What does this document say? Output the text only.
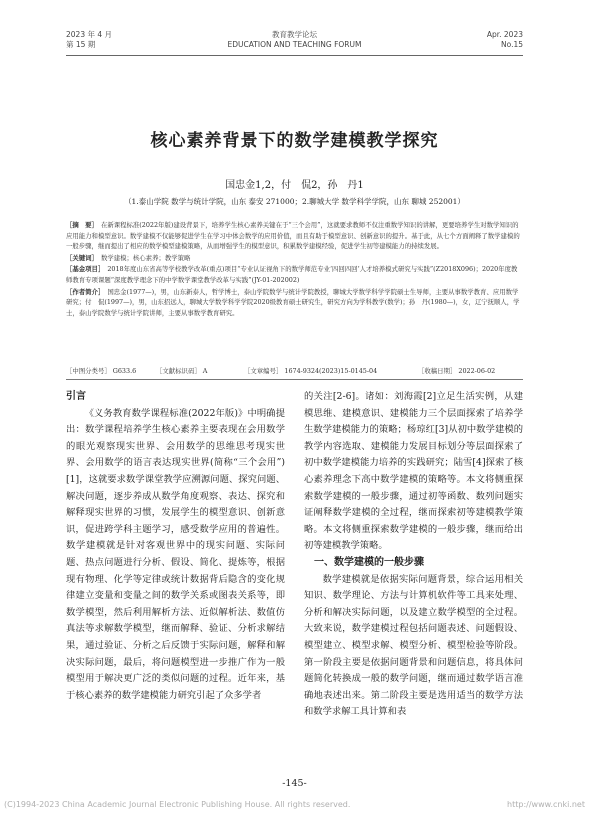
2023 年 4 月
第 15 期
教育教学论坛
EDUCATION AND TEACHING FORUM
Apr. 2023
No.15
核心素养背景下的数学建模教学探究
国忠金1,2，付　侃2，孙　丹1
（1.泰山学院 数学与统计学院，山东 泰安 271000；2.聊城大学 数学科学学院，山东 聊城 252001）
［摘　要］ 在新课程标准(2022年版)建设背景下，培养学生核心素养关键在于“三个会用”，这就要求教师不仅注重数学知识的讲解，更要培养学生对数学知识的应用能力和模型意识。数学建模不仅能够促进学生在学习中体会数学的应用价值，而且有助于模型意识、创新意识的提升。基于此，从七个方面阐释了数学建模的一般步骤，继而提出了相应的数学模型建模策略，从而增强学生的模型意识，积累数学建模经验，促进学生初等建模能力的持续发展。
［关键词］ 数学建模；核心素养；教学策略
［基金项目］ 2018年度山东省高等学校教学改革(重点)项目“专业认证视角下的数学师范专业‘四回四回’人才培养模式研究与实践”(Z2018X096)；2020年度教师教育专项课题“深度教学理念下的中学数学课堂教学改革与实践”(JY-01-202002)
［作者简介］ 国忠金(1977—)，男，山东新泰人，哲学博士，泰山学院数学与统计学院教授，聊城大学数学科学学院硕士生导师，主要从事数学教育、应用数学研究；付　侃(1997—)，男，山东招远人，聊城大学数学科学学院2020级教育硕士研究生，研究方向为学科教学(数学)；孙　丹(1980—)，女，辽宁抚顺人，学士，泰山学院数学与统计学院讲师，主要从事数学教育研究。
［中图分类号］ G633.6	［文献标识码］ A	［文章编号］ 1674-9324(2023)15-0145-04	［收稿日期］ 2022-06-02
引言

《义务教育数学课程标准(2022年版)》中明确提出：数学课程培养学生核心素养主要表现在会用数学的眼光观察现实世界、会用数学的思维思考现实世界、会用数学的语言表达现实世界(简称“三个会用”)[1]，这就要求数学课堂教学应溯源问题、探究问题、解决问题，逐步养成从数学角度观察、表达、探究和解释现实世界的习惯，发展学生的模型意识、创新意识，促进跨学科主题学习，感受数学应用的普遍性。数学建模就是针对客观世界中的现实问题、实际问题、热点问题进行分析、假设、简化、提炼等，根据现有物理、化学等定律或统计数据背后隐含的变化规律建立变量和变量之间的数学关系或图表关系等，即数学模型，然后利用解析方法、近似解析法、数值仿真法等求解数学模型，继而解释、验证、分析求解结果，通过验证、分析之后反馈于实际问题，解释和解决实际问题，最后，将问题模型进一步推广作为一般模型用于解决更广泛的类似问题的过程。近年来，基于核心素养的数学建模能力研究引起了众多学者

的关注[2-6]。诸如：刘海霞[2]立足生活实例，从建模思维、建模意识、建模能力三个层面探索了培养学生数学建模能力的策略；杨琼红[3]从初中数学建模的教学内容选取、建模能力发展目标划分等层面探索了初中数学建模能力培养的实践研究；陆雪[4]探索了核心素养理念下高中数学建模的策略等。本文将侧重探索数学建模的一般步骤，通过初等函数、数列问题实证阐释数学建模的全过程，继而探索初等建模教学策略。本文将侧重探索数学建模的一般步骤，继而给出初等建模教学策略。

一、数学建模的一般步骤

数学建模就是依据实际问题背景，综合运用相关知识、数学理论、方法与计算机软件等工具来处理、分析和解决实际问题，以及建立数学模型的全过程。大致来说，数学建模过程包括问题表述、问题假设、模型建立、模型求解、模型分析、模型检验等阶段。第一阶段主要是依据问题背景和问题信息，将具体问题简化转换成一般的数学问题，继而通过数学语言准确地表述出来。第二阶段主要是选用适当的数学方法和数学求解工具计算和表

-145-
(C)1994-2023 China Academic Journal Electronic Publishing House. All rights reserved.	http://www.cnki.net
